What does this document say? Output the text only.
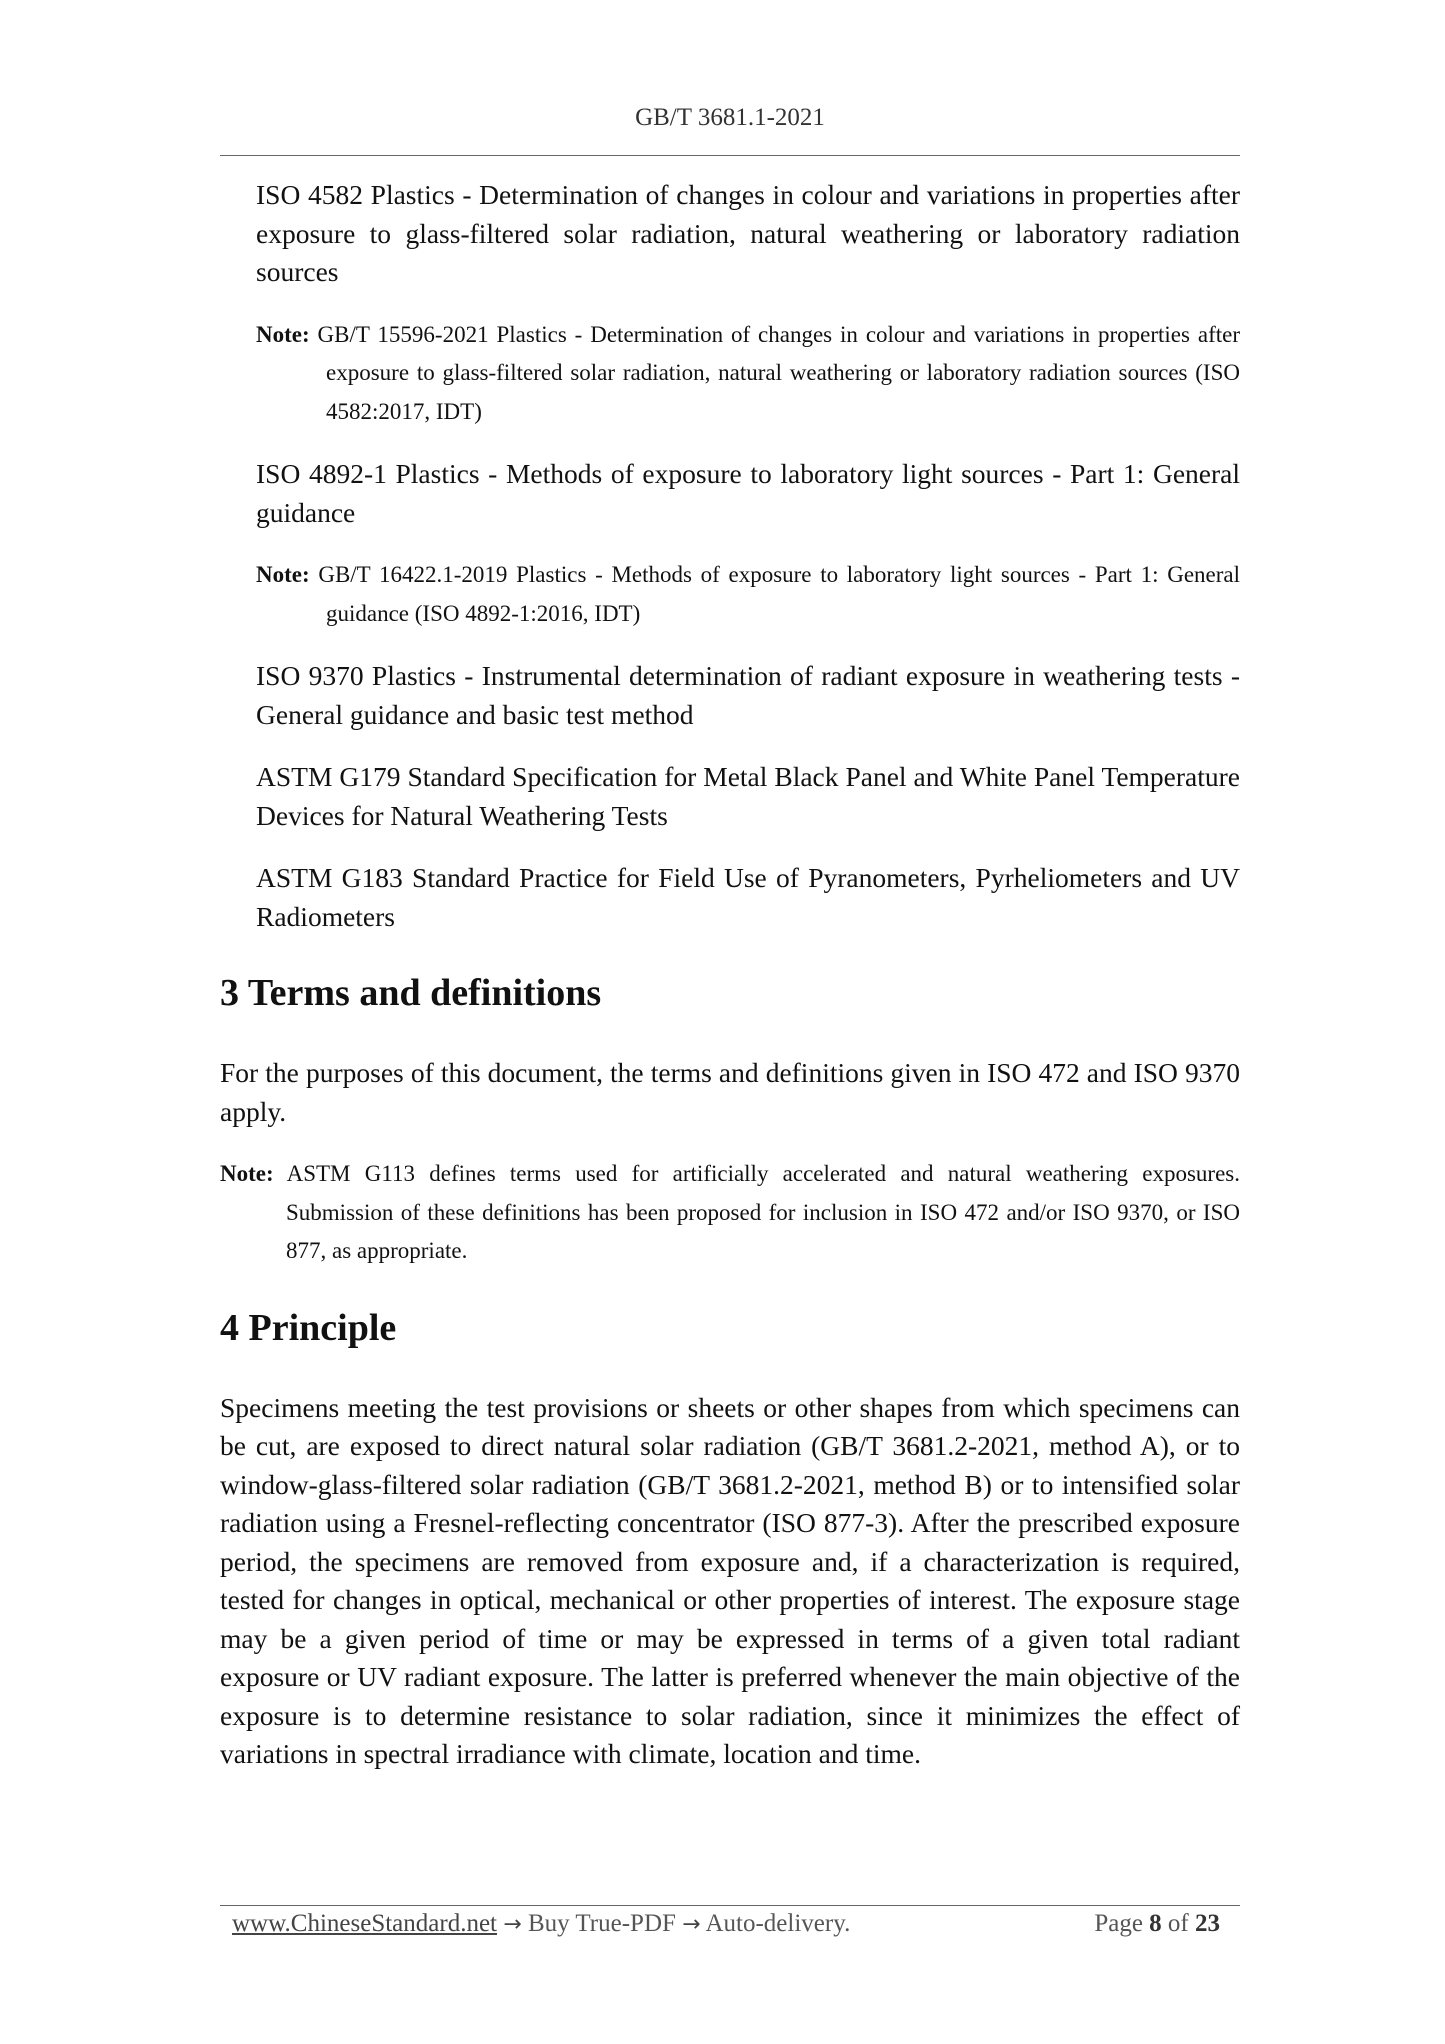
GB/T 3681.1-2021

ISO 4582 Plastics - Determination of changes in colour and variations in properties after exposure to glass-filtered solar radiation, natural weathering or laboratory radiation sources

Note: GB/T 15596-2021 Plastics - Determination of changes in colour and variations in properties after exposure to glass-filtered solar radiation, natural weathering or laboratory radiation sources (ISO 4582:2017, IDT)

ISO 4892-1 Plastics - Methods of exposure to laboratory light sources - Part 1: General guidance

Note: GB/T 16422.1-2019 Plastics - Methods of exposure to laboratory light sources - Part 1: General guidance (ISO 4892-1:2016, IDT)

ISO 9370 Plastics - Instrumental determination of radiant exposure in weathering tests - General guidance and basic test method

ASTM G179 Standard Specification for Metal Black Panel and White Panel Temperature Devices for Natural Weathering Tests

ASTM G183 Standard Practice for Field Use of Pyranometers, Pyrheliometers and UV Radiometers

3 Terms and definitions

For the purposes of this document, the terms and definitions given in ISO 472 and ISO 9370 apply.

Note: ASTM G113 defines terms used for artificially accelerated and natural weathering exposures. Submission of these definitions has been proposed for inclusion in ISO 472 and/or ISO 9370, or ISO 877, as appropriate.

4 Principle

Specimens meeting the test provisions or sheets or other shapes from which specimens can be cut, are exposed to direct natural solar radiation (GB/T 3681.2-2021, method A), or to window-glass-filtered solar radiation (GB/T 3681.2-2021, method B) or to intensified solar radiation using a Fresnel-reflecting concentrator (ISO 877-3). After the prescribed exposure period, the specimens are removed from exposure and, if a characterization is required, tested for changes in optical, mechanical or other properties of interest. The exposure stage may be a given period of time or may be expressed in terms of a given total radiant exposure or UV radiant exposure. The latter is preferred whenever the main objective of the exposure is to determine resistance to solar radiation, since it minimizes the effect of variations in spectral irradiance with climate, location and time.

www.ChineseStandard.net → Buy True-PDF → Auto-delivery.	Page 8 of 23
